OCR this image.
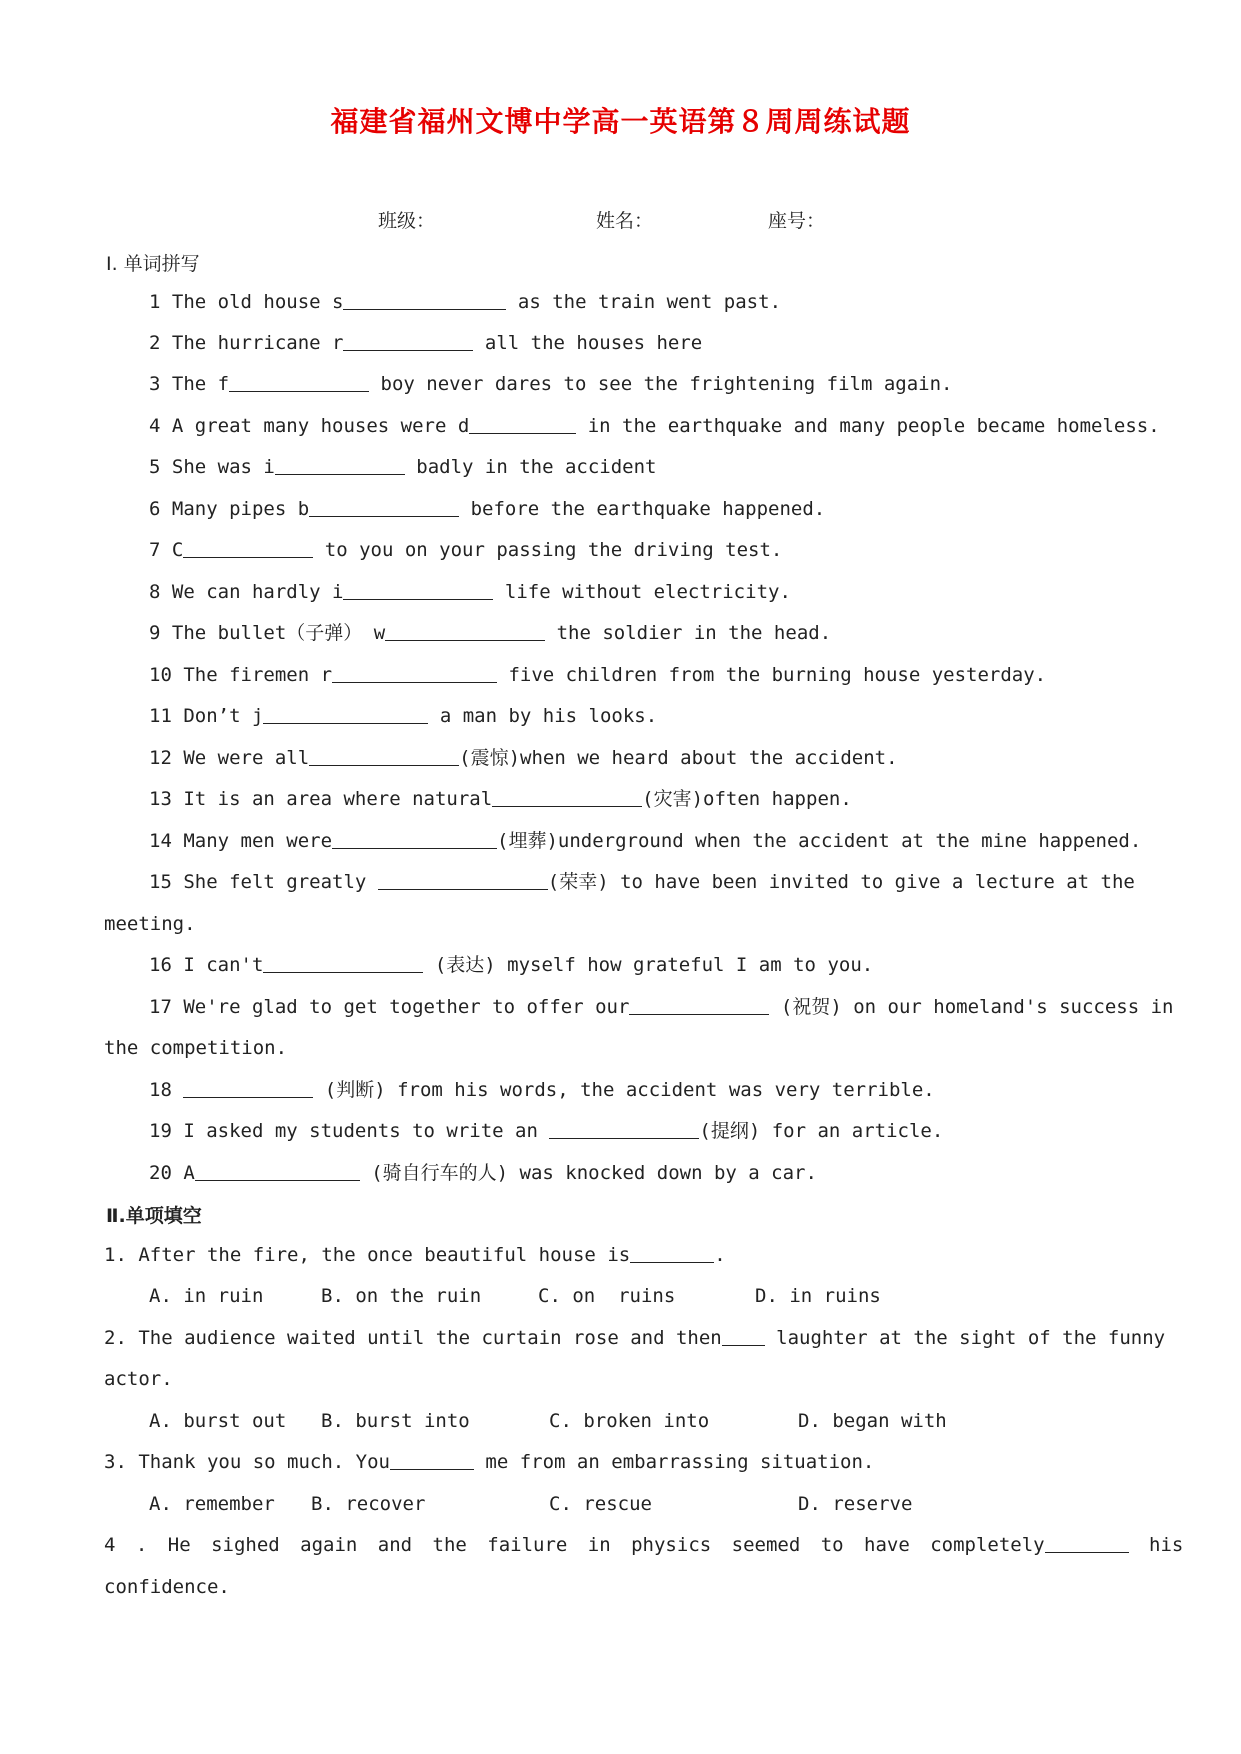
福建省福州文博中学高一英语第８周周练试题
班级：	姓名：	座号：
I. 单词拼写
1 The old house s	as the train went past.
2 The hurricane r	all the houses here
3 The f	boy never dares to see the frightening film again.
4 A great many houses were d	in the earthquake and many people became homeless.
5 She was i	badly in the accident
6 Many pipes b	before the earthquake happened.
7 C	to you on your passing the driving test.
8 We can hardly i	life without electricity.
9 The bullet（子弹） w	the soldier in the head.
10 The firemen r	five children from the burning house yesterday.
11 Don’t j	a man by his looks.
12 We were all	(震惊)when we heard about the accident.
13 It is an area where natural	(灾害)often happen.
14 Many men were	(埋葬)underground when the accident at the mine happened.
15 She felt greatly	(荣幸) to have been invited to give a lecture at the
meeting.
16 I can't	(表达) myself how grateful I am to you.
17 We're glad to get together to offer our	(祝贺) on our homeland's success in
the competition.
18	(判断) from his words, the accident was very terrible.
19 I asked my students to write an	(提纲) for an article.
20 A	(骑自行车的人) was knocked down by a car.
Ⅱ.单项填空
1. After the fire, the once beautiful house is	.
A. in ruin	B. on the ruin	C. on  ruins	D. in ruins
2. The audience waited until the curtain rose and then laughter at the sight of the funny
actor.
A. burst out B. burst into	C. broken into	D. began with
3. Thank you so much. You	me from an embarrassing situation.
A. remember B. recover	C. rescue	D. reserve
4 . He sighed again and the failure in physics seemed to have completely	his
confidence.
